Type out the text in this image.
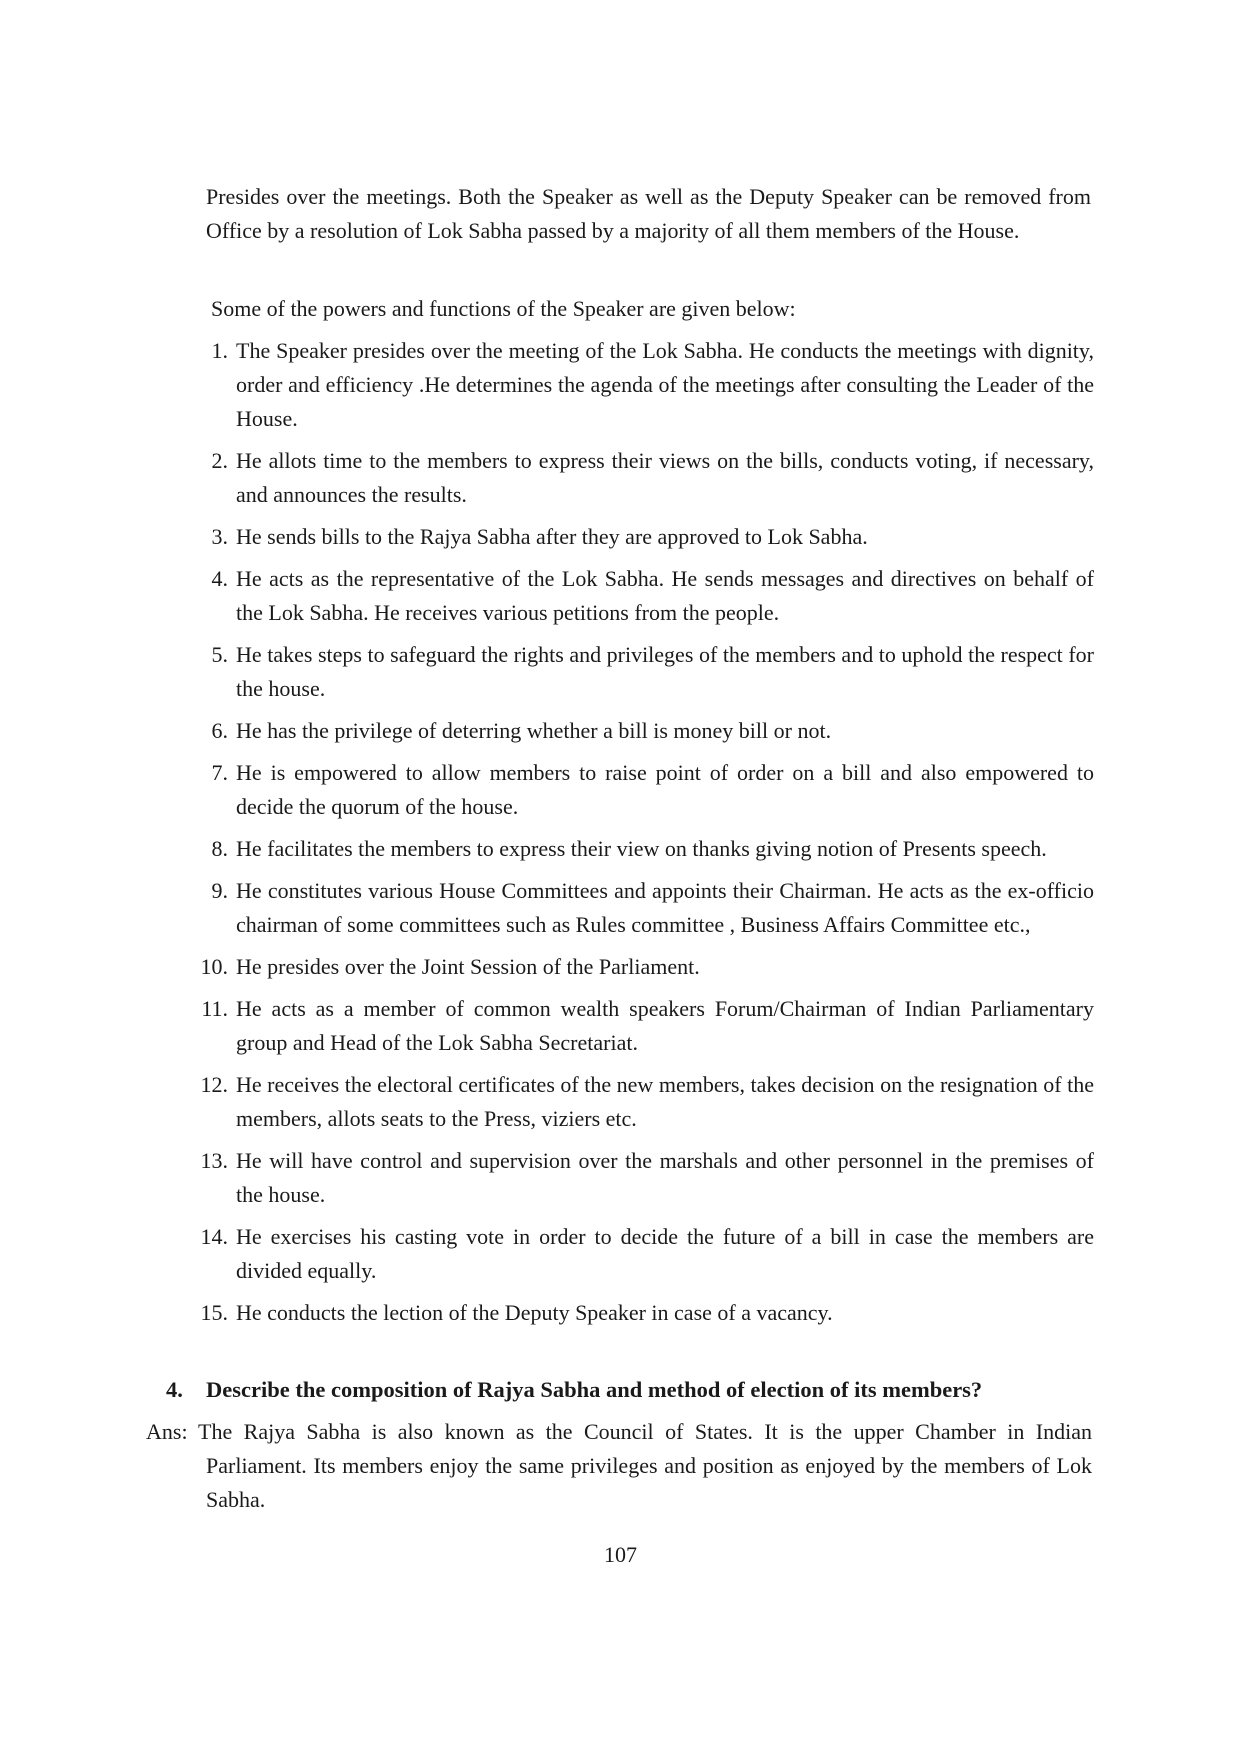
Presides over the meetings. Both the Speaker as well as the Deputy Speaker can be removed from Office by a resolution of Lok Sabha passed by a majority of all them members of the House.

Some of the powers and functions of the Speaker are given below:

1. The Speaker presides over the meeting of the Lok Sabha. He conducts the meetings with dignity, order and efficiency .He determines the agenda of the meetings after consulting the Leader of the House.
2. He allots time to the members to express their views on the bills, conducts voting, if necessary, and announces the results.
3. He sends bills to the Rajya Sabha after they are approved to Lok Sabha.
4. He acts as the representative of the Lok Sabha. He sends messages and directives on behalf of the Lok Sabha. He receives various petitions from the people.
5. He takes steps to safeguard the rights and privileges of the members and to uphold the respect for the house.
6. He has the privilege of deterring whether a bill is money bill or not.
7. He is empowered to allow members to raise point of order on a bill and also empowered to decide the quorum of the house.
8. He facilitates the members to express their view on thanks giving notion of Presents speech.
9. He constitutes various House Committees and appoints their Chairman. He acts as the ex-officio chairman of some committees such as Rules committee , Business Affairs Committee etc.,
10. He presides over the Joint Session of the Parliament.
11. He acts as a member of common wealth speakers Forum/Chairman of Indian Parliamentary group and Head of the Lok Sabha Secretariat.
12. He receives the electoral certificates of the new members, takes decision on the resignation of the members, allots seats to the Press, viziers etc.
13. He will have control and supervision over the marshals and other personnel in the premises of the house.
14. He exercises his casting vote in order to decide the future of a bill in case the members are divided equally.
15. He conducts the lection of the Deputy Speaker in case of a vacancy.

4. Describe the composition of Rajya Sabha and method of election of its members?

Ans: The Rajya Sabha is also known as the Council of States. It is the upper Chamber in Indian Parliament. Its members enjoy the same privileges and position as enjoyed by the members of Lok Sabha.
107
